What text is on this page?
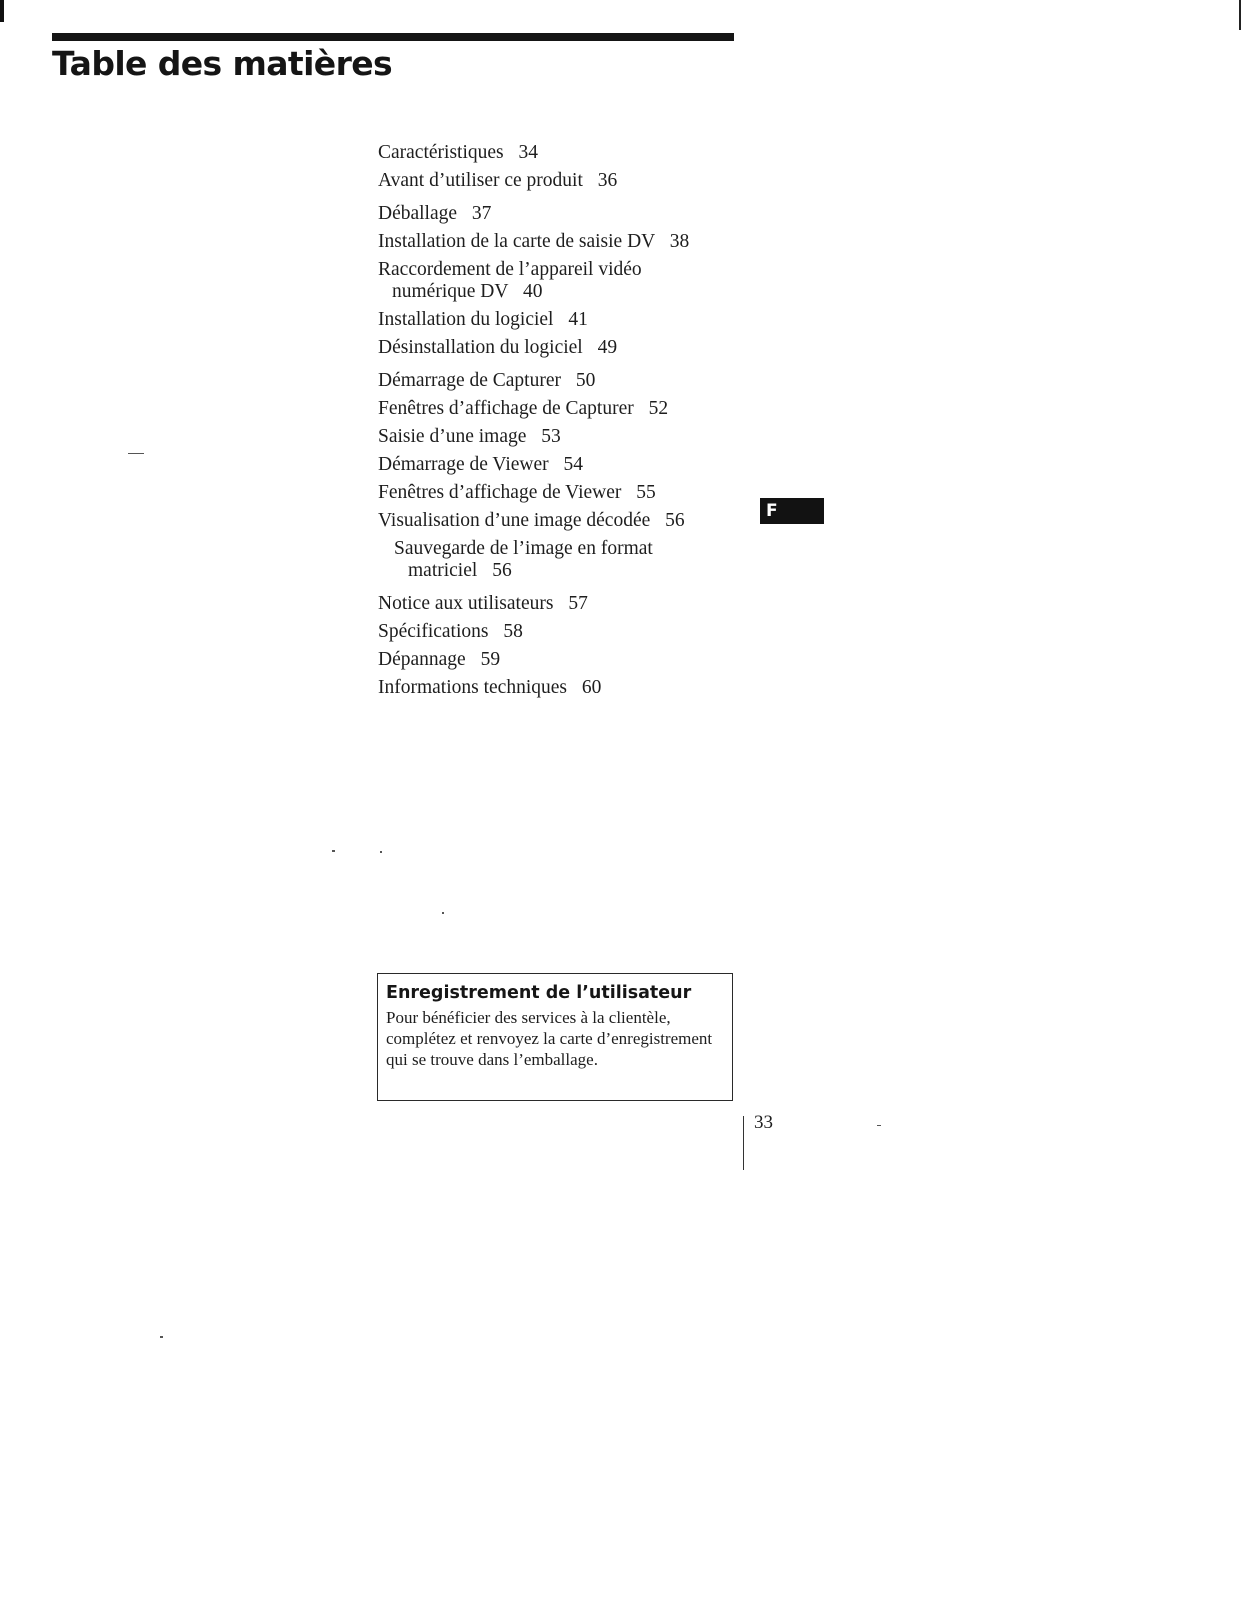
Table des matières
Caractéristiques 34
Avant d’utiliser ce produit 36
Déballage 37
Installation de la carte de saisie DV 38
Raccordement de l’appareil vidéo numérique DV 40
Installation du logiciel 41
Désinstallation du logiciel 49
Démarrage de Capturer 50
Fenêtres d’affichage de Capturer 52
Saisie d’une image 53
Démarrage de Viewer 54
Fenêtres d’affichage de Viewer 55
Visualisation d’une image décodée 56
Sauvegarde de l’image en format matriciel 56
Notice aux utilisateurs 57
Spécifications 58
Dépannage 59
Informations techniques 60
F

Enregistrement de l’utilisateur

Pour bénéficier des services à la clientèle, complétez et renvoyez la carte d’enregistrement qui se trouve dans l’emballage.

33
